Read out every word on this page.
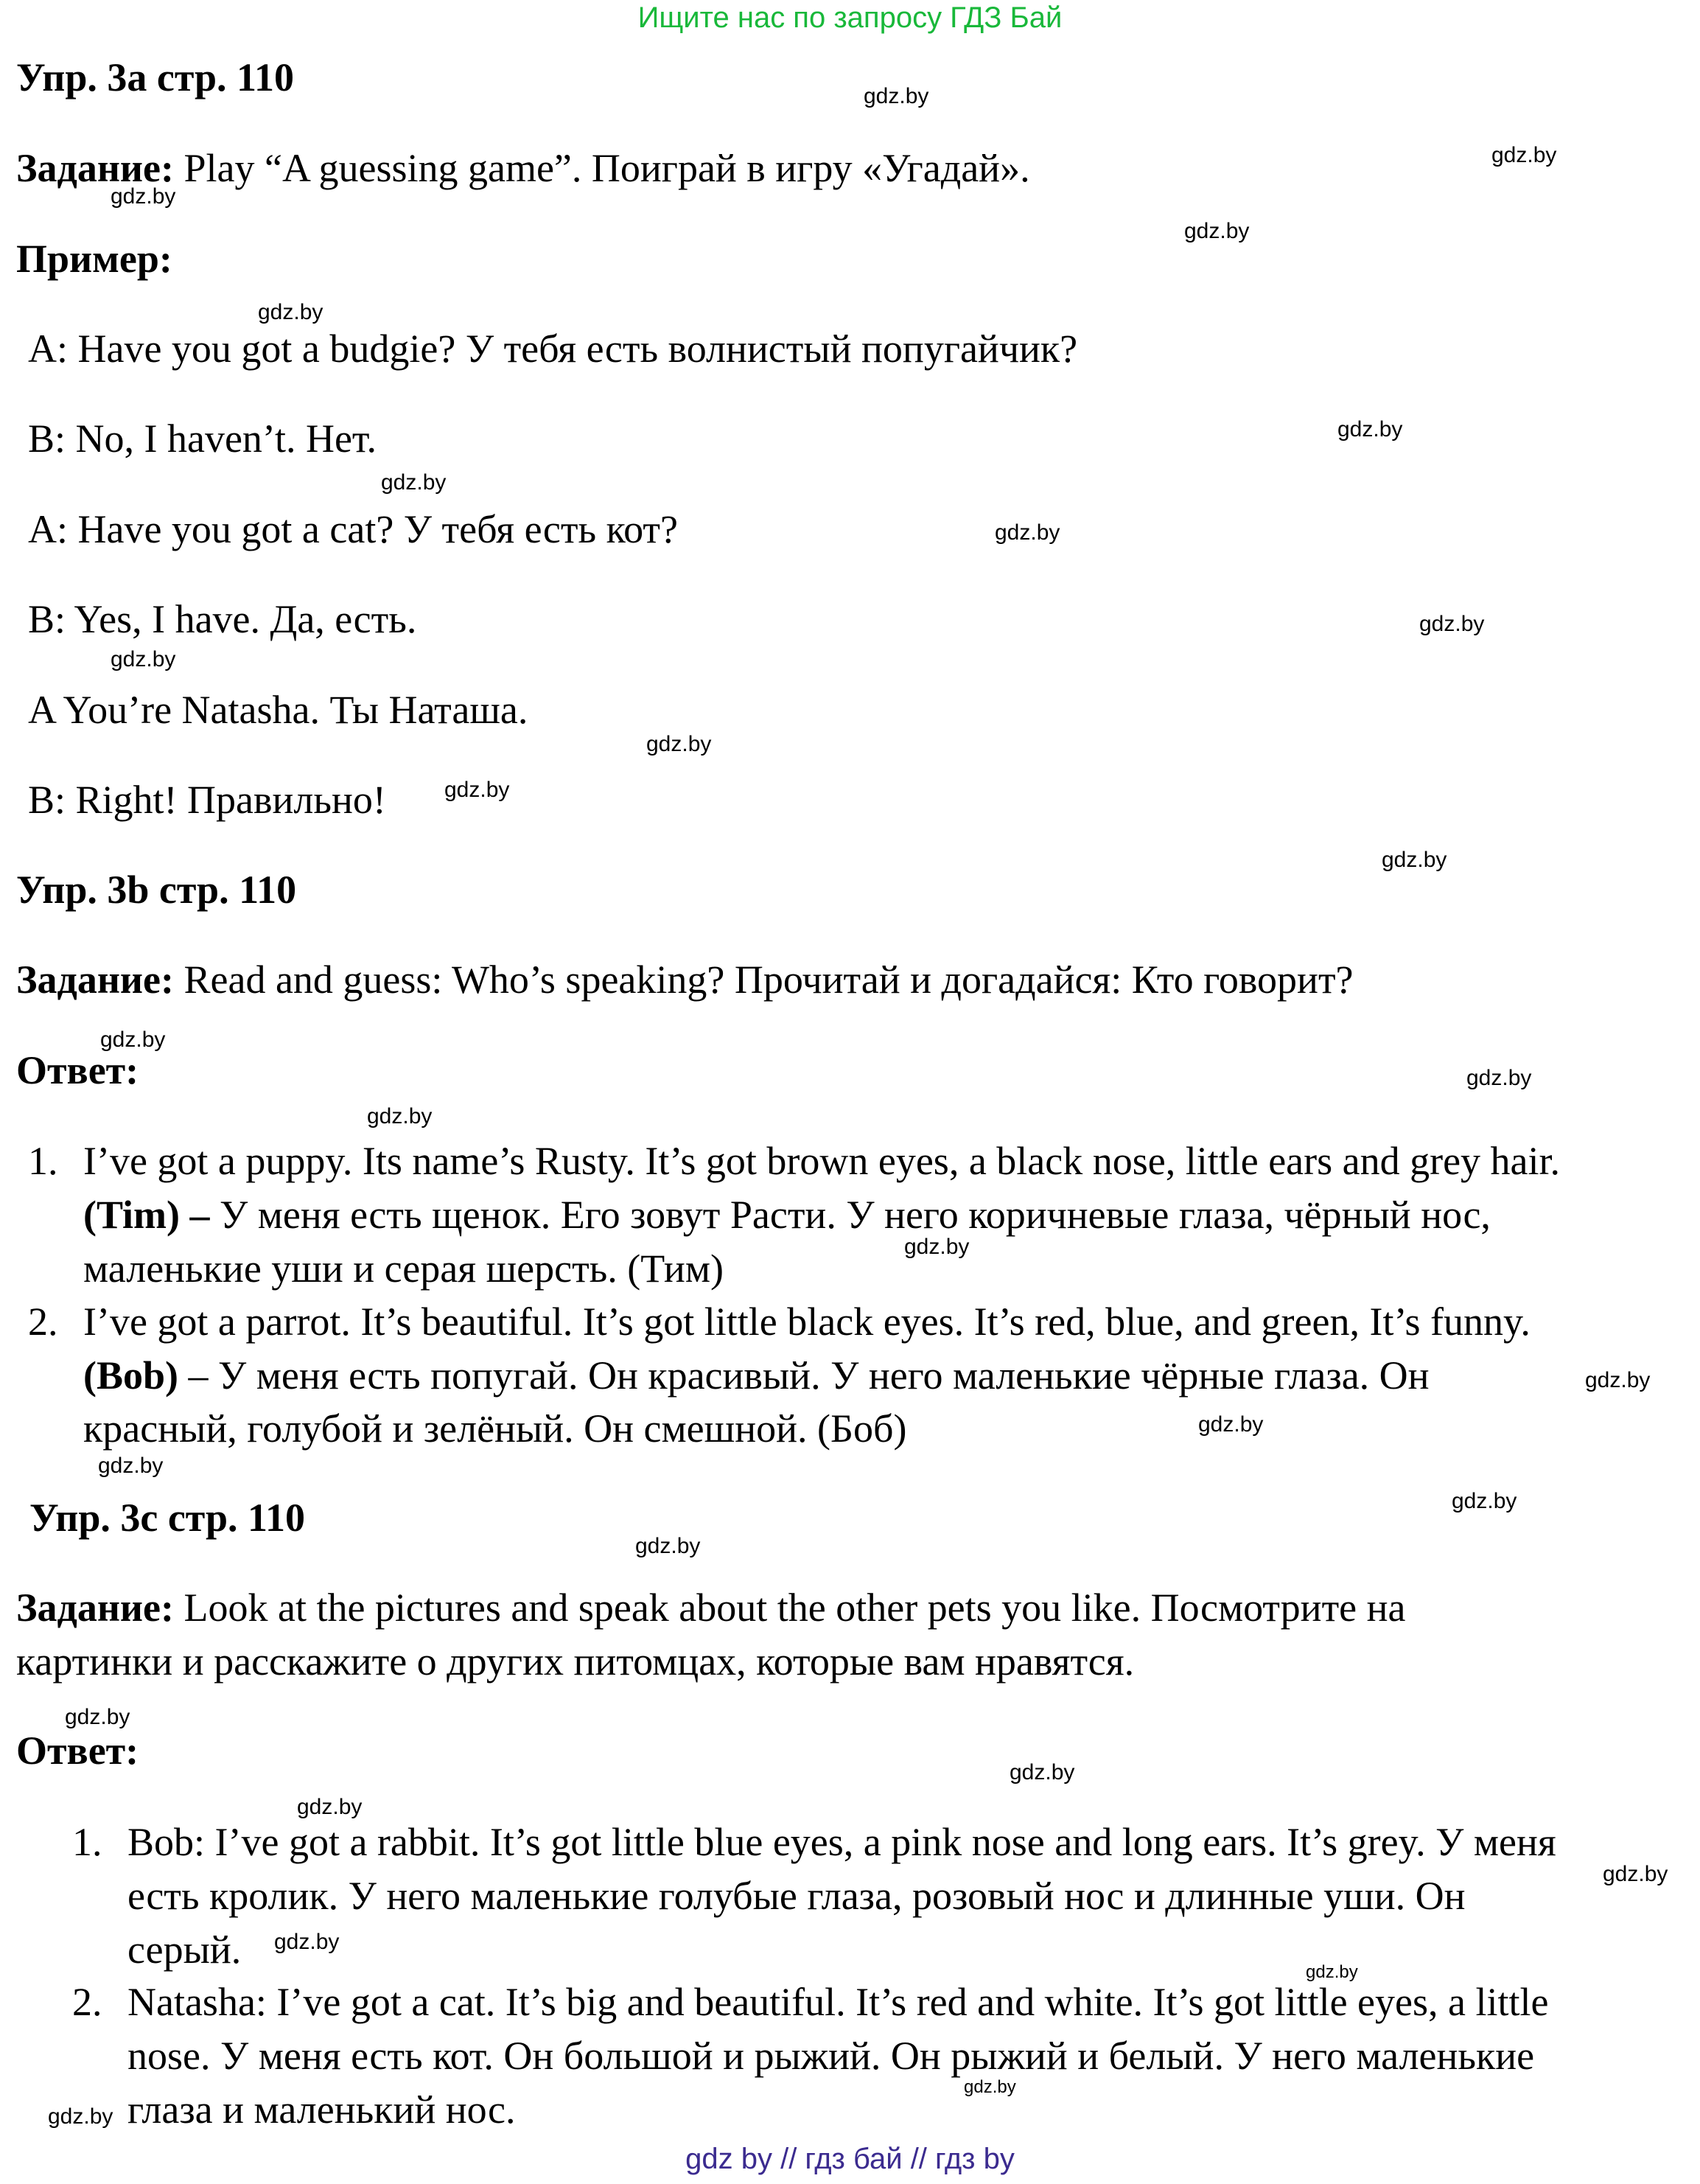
Ищите нас по запросу ГДЗ Бай
Упр. 3a стр. 110
Задание: Play “A guessing game”. Поиграй в игру «Угадай».
Пример:
A: Have you got a budgie? У тебя есть волнистый попугайчик?
B: No, I haven’t. Нет.
A: Have you got a cat? У тебя есть кот?
B: Yes, I have. Да, есть.
A You’re Natasha. Ты Наташа.
B: Right! Правильно!
Упр. 3b стр. 110
Задание: Read and guess: Who’s speaking? Прочитай и догадайся: Кто говорит?
Ответ:
1. I’ve got a puppy. Its name’s Rusty. It’s got brown eyes, a black nose, little ears and grey hair.
(Tim) – У меня есть щенок. Его зовут Расти. У него коричневые глаза, чёрный нос,
маленькие уши и серая шерсть. (Тим)
2. I’ve got a parrot. It’s beautiful. It’s got little black eyes. It’s red, blue, and green, It’s funny.
(Bob) – У меня есть попугай. Он красивый. У него маленькие чёрные глаза. Он
красный, голубой и зелёный. Он смешной. (Боб)
Упр. 3c стр. 110
Задание: Look at the pictures and speak about the other pets you like. Посмотрите на
картинки и расскажите о других питомцах, которые вам нравятся.
Ответ:
1. Bob: I’ve got a rabbit. It’s got little blue eyes, a pink nose and long ears. It’s grey. У меня
есть кролик. У него маленькие голубые глаза, розовый нос и длинные уши. Он
серый.
2. Natasha: I’ve got a cat. It’s big and beautiful. It’s red and white. It’s got little eyes, a little
nose. У меня есть кот. Он большой и рыжий. Он рыжий и белый. У него маленькие
глаза и маленький нос.
gdz.by
gdz.by
gdz.by
gdz.by
gdz.by
gdz.by
gdz.by
gdz.by
gdz.by
gdz.by
gdz.by
gdz.by
gdz.by
gdz.by
gdz.by
gdz.by
gdz.by
gdz.by
gdz.by
gdz.by
gdz.by
gdz.by
gdz.by
gdz.by
gdz.by
gdz.by
gdz.by
gdz.by
gdz.by
gdz.by
gdz by // гдз бай // гдз by
